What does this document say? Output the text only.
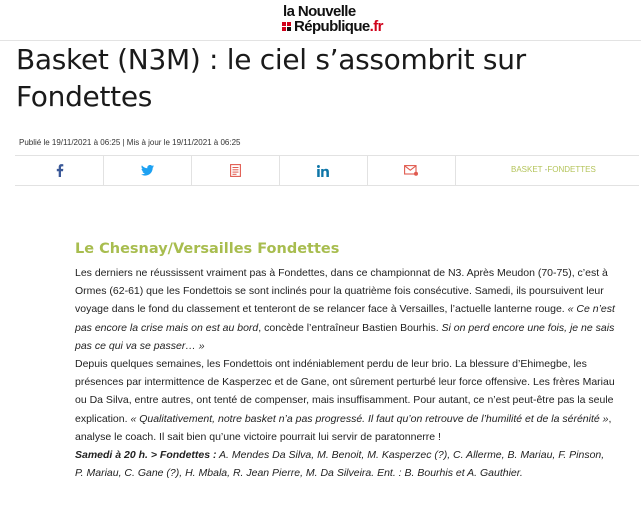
la Nouvelle
République.fr
Basket (N3M) : le ciel s’assombrit sur Fondettes
Publié le 19/11/2021 à 06:25 | Mis à jour le 19/11/2021 à 06:25
BASKET -FONDETTES
Le Chesnay/Versailles Fondettes

Les derniers ne réussissent vraiment pas à Fondettes, dans ce championnat de N3. Après Meudon (70-75), c’est à Ormes (62-61) que les Fondettois se sont inclinés pour la quatrième fois consécutive. Samedi, ils poursuivent leur voyage dans le fond du classement et tenteront de se relancer face à Versailles, l’actuelle lanterne rouge. « Ce n’est pas encore la crise mais on est au bord, concède l’entraîneur Bastien Bourhis. Si on perd encore une fois, je ne sais pas ce qui va se passer… »

Depuis quelques semaines, les Fondettois ont indéniablement perdu de leur brio. La blessure d’Ehimegbe, les présences par intermittence de Kasperzec et de Gane, ont sûrement perturbé leur force offensive. Les frères Mariau ou Da Silva, entre autres, ont tenté de compenser, mais insuffisamment. Pour autant, ce n’est peut-être pas la seule explication. « Qualitativement, notre basket n’a pas progressé. Il faut qu’on retrouve de l’humilité et de la sérénité », analyse le coach. Il sait bien qu’une victoire pourrait lui servir de paratonnerre !

Samedi à 20 h. > Fondettes : A. Mendes Da Silva, M. Benoit, M. Kasperzec (?), C. Allerme, B. Mariau, F. Pinson, P. Mariau, C. Gane (?), H. Mbala, R. Jean Pierre, M. Da Silveira. Ent. : B. Bourhis et A. Gauthier.
